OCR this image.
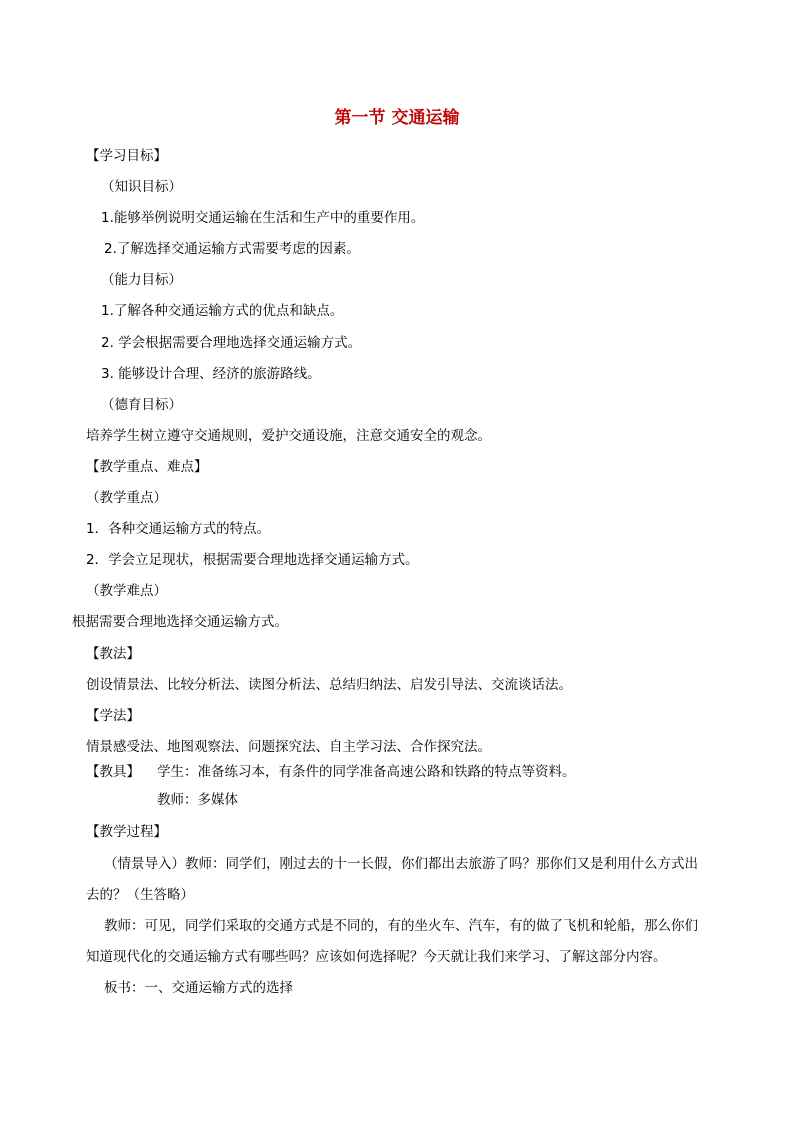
第一节 交通运输
【学习目标】
（知识目标）
1.能够举例说明交通运输在生活和生产中的重要作用。
2.了解选择交通运输方式需要考虑的因素。
（能力目标）
1.了解各种交通运输方式的优点和缺点。
2. 学会根据需要合理地选择交通运输方式。
3. 能够设计合理、经济的旅游路线。
（德育目标）
培养学生树立遵守交通规则，爱护交通设施，注意交通安全的观念。
【教学重点、难点】
（教学重点）
1．各种交通运输方式的特点。
2．学会立足现状，根据需要合理地选择交通运输方式。
（教学难点）
根据需要合理地选择交通运输方式。
【教法】
创设情景法、比较分析法、读图分析法、总结归纳法、启发引导法、交流谈话法。
【学法】
情景感受法、地图观察法、问题探究法、自主学习法、合作探究法。
【教具】 学生：准备练习本，有条件的同学准备高速公路和铁路的特点等资料。
教师：多媒体
【教学过程】
（情景导入）教师：同学们，刚过去的十一长假，你们都出去旅游了吗？那你们又是利用什么方式出
去的？（生答略）
教师：可见，同学们采取的交通方式是不同的，有的坐火车、汽车，有的做了飞机和轮船，那么你们
知道现代化的交通运输方式有哪些吗？应该如何选择呢？今天就让我们来学习、了解这部分内容。
板书：一、交通运输方式的选择
